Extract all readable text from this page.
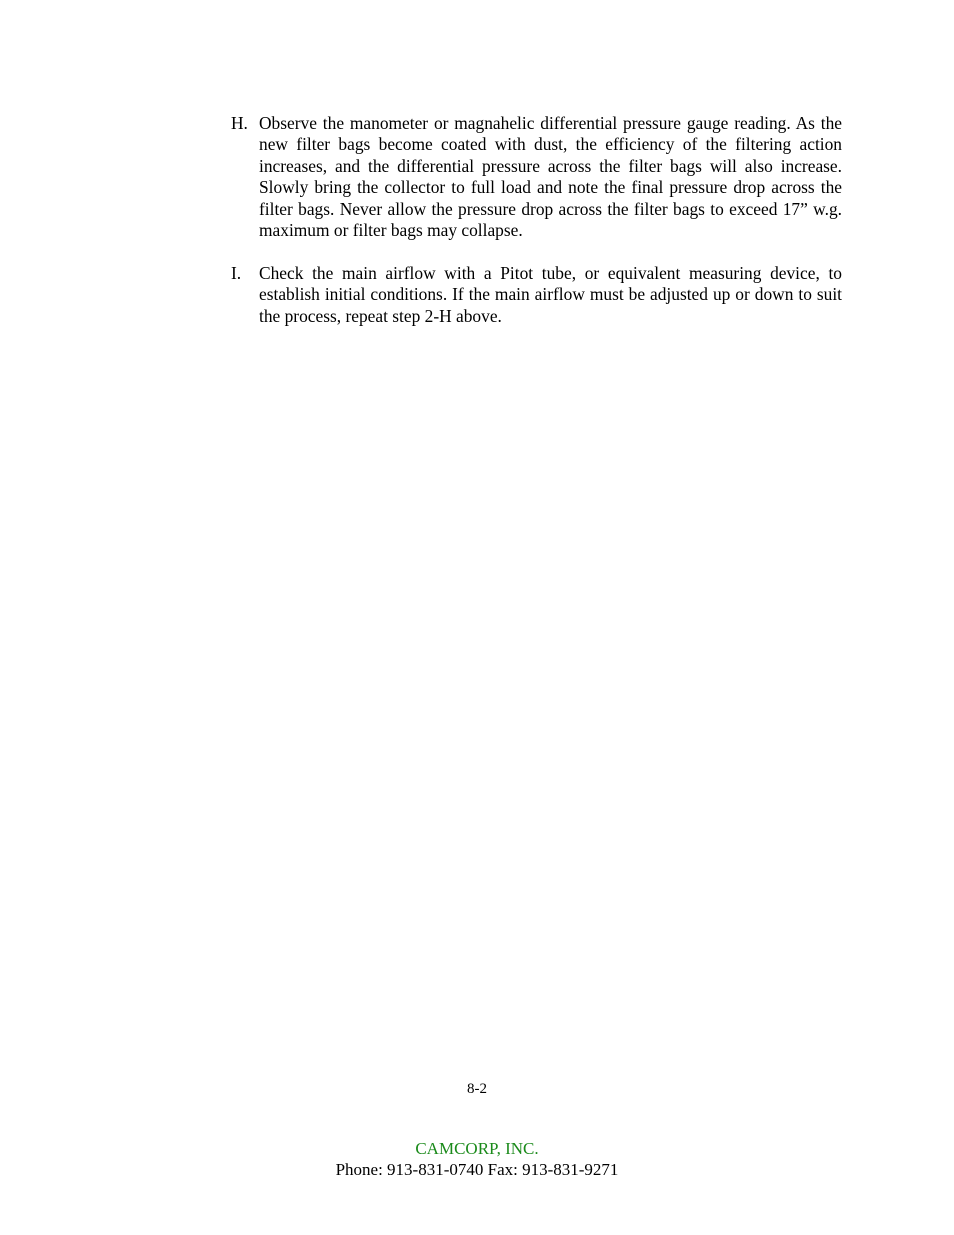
H. Observe the manometer or magnahelic differential pressure gauge reading. As the new filter bags become coated with dust, the efficiency of the filtering action increases, and the differential pressure across the filter bags will also increase. Slowly bring the collector to full load and note the final pressure drop across the filter bags. Never allow the pressure drop across the filter bags to exceed 17” w.g. maximum or filter bags may collapse.
I.	Check the main airflow with a Pitot tube, or equivalent measuring device, to establish initial conditions. If the main airflow must be adjusted up or down to suit the process, repeat step 2-H above.
8-2
CAMCORP, INC.
Phone: 913-831-0740 Fax: 913-831-9271
